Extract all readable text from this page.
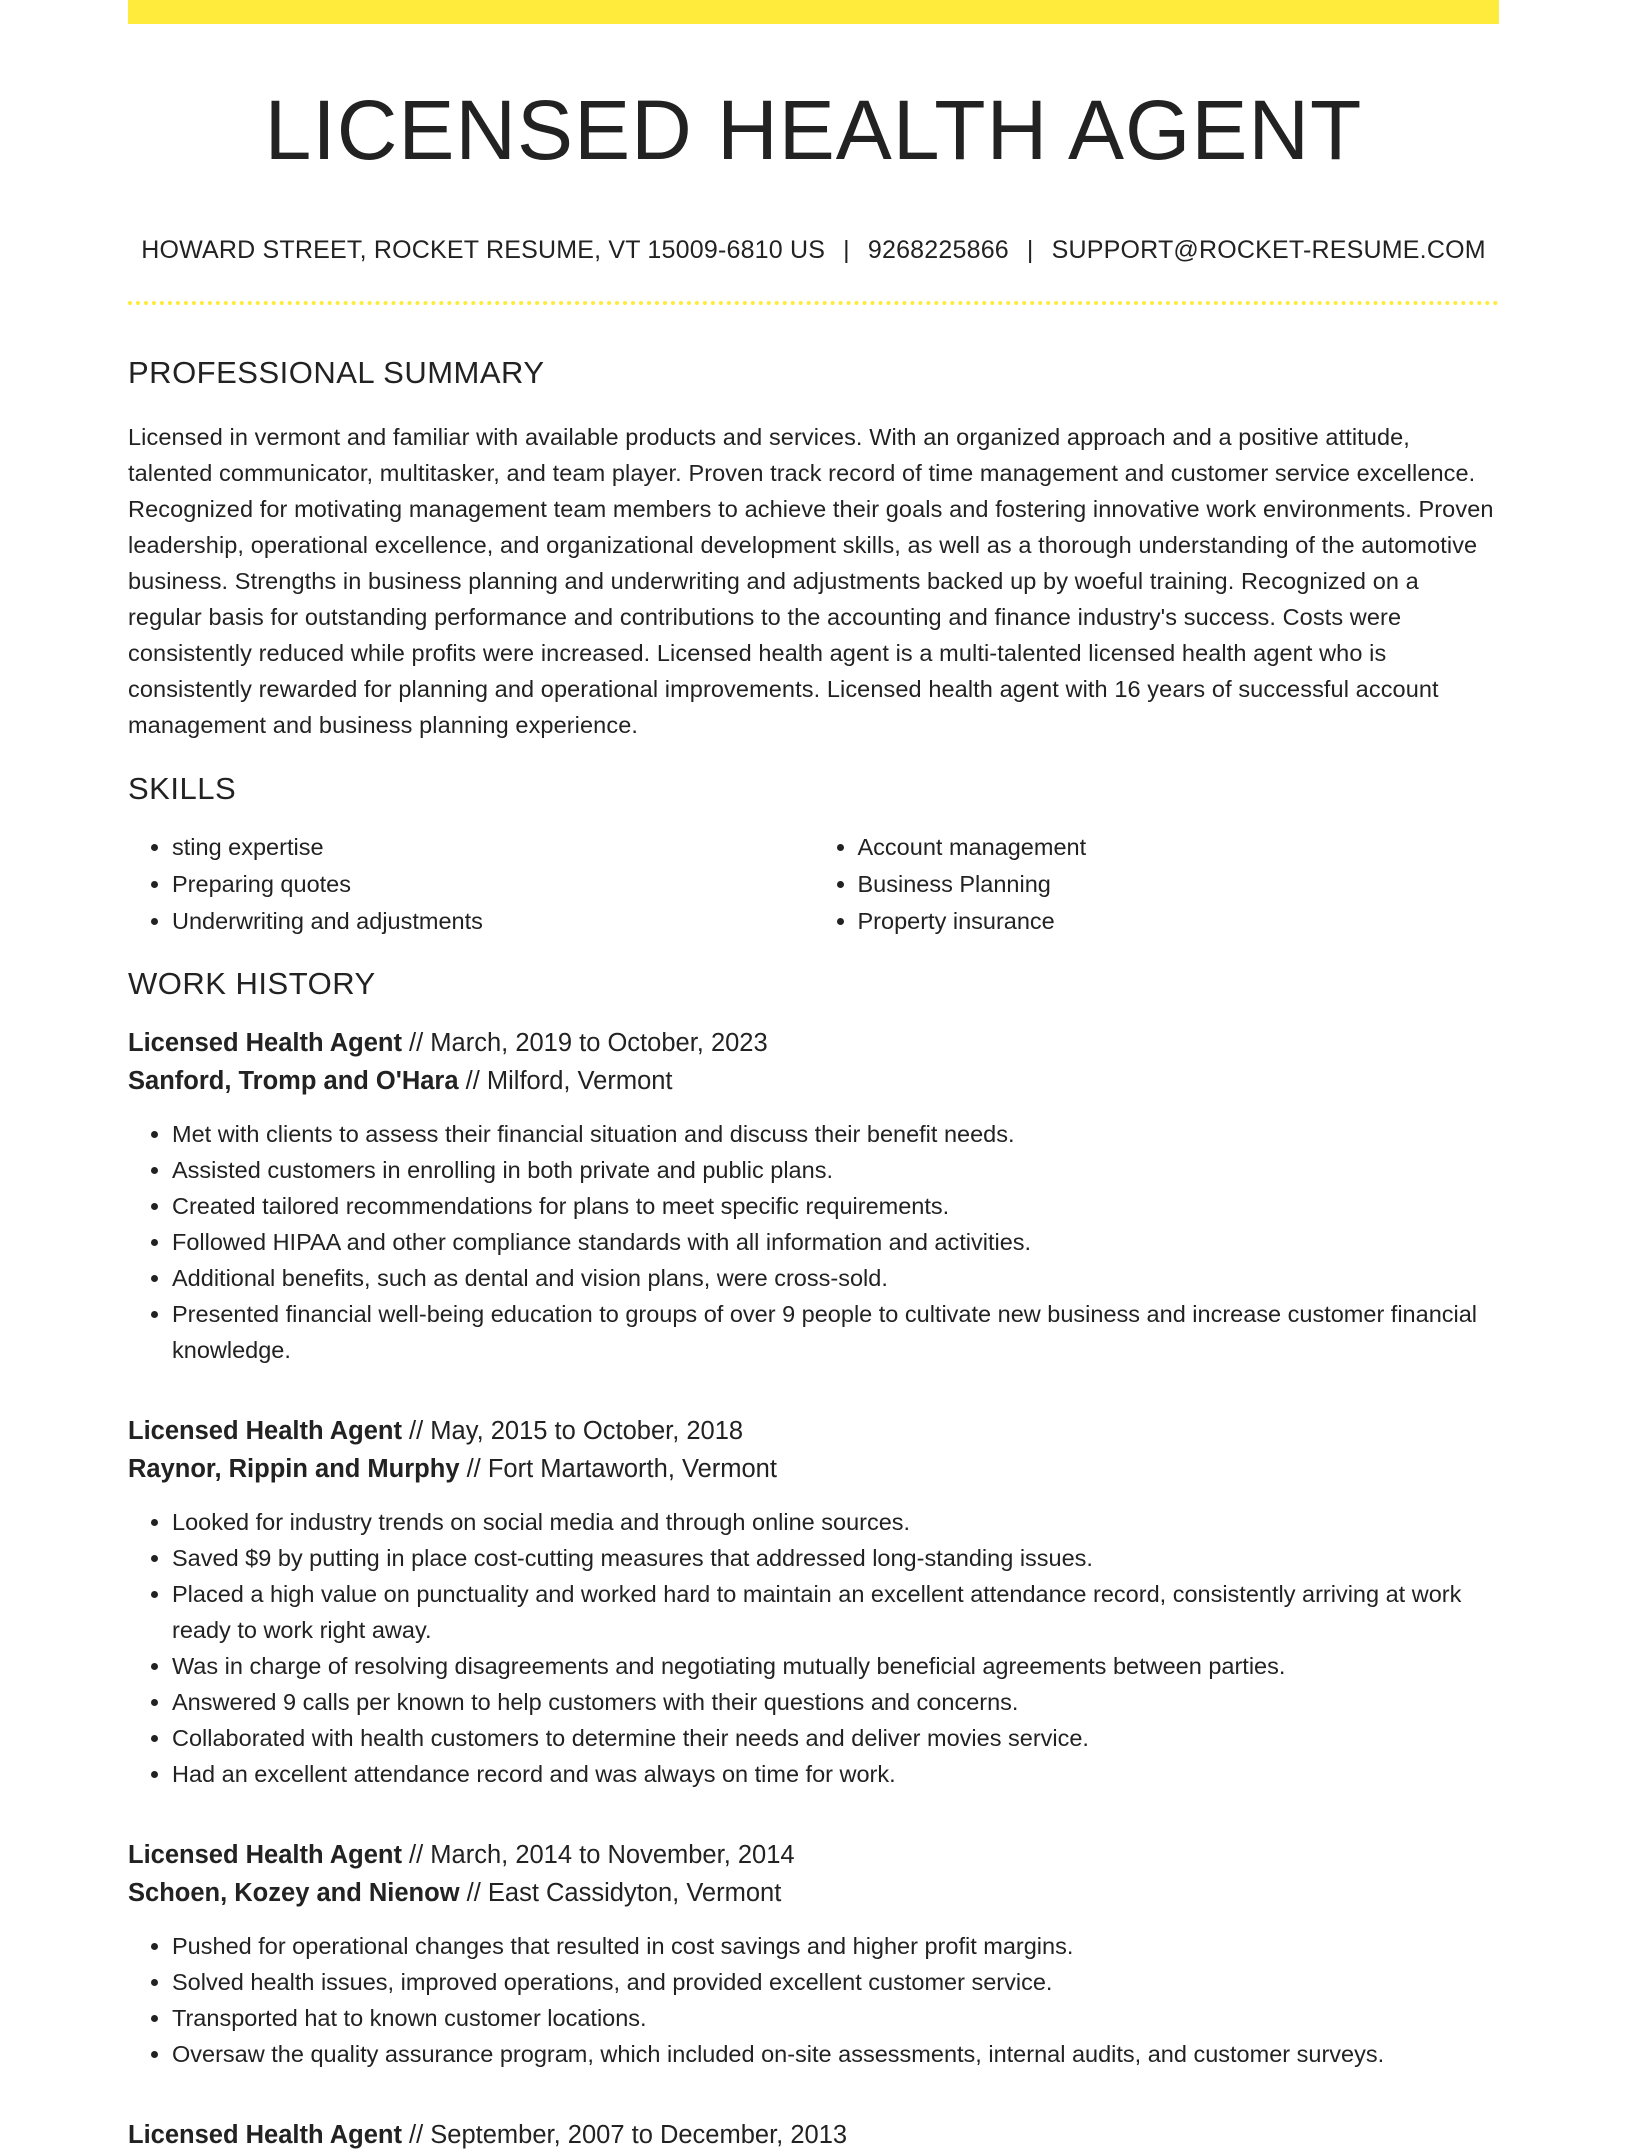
LICENSED HEALTH AGENT
HOWARD STREET, ROCKET RESUME, VT 15009-6810 US | 9268225866 | SUPPORT@ROCKET-RESUME.COM
PROFESSIONAL SUMMARY

Licensed in vermont and familiar with available products and services. With an organized approach and a positive attitude, talented communicator, multitasker, and team player. Proven track record of time management and customer service excellence. Recognized for motivating management team members to achieve their goals and fostering innovative work environments. Proven leadership, operational excellence, and organizational development skills, as well as a thorough understanding of the automotive business. Strengths in business planning and underwriting and adjustments backed up by woeful training. Recognized on a regular basis for outstanding performance and contributions to the accounting and finance industry's success. Costs were consistently reduced while profits were increased. Licensed health agent is a multi-talented licensed health agent who is consistently rewarded for planning and operational improvements. Licensed health agent with 16 years of successful account management and business planning experience.

SKILLS
• sting expertise
• Preparing quotes
• Underwriting and adjustments
• Account management
• Business Planning
• Property insurance
WORK HISTORY
Licensed Health Agent // March, 2019 to October, 2023
Sanford, Tromp and O'Hara // Milford, Vermont
• Met with clients to assess their financial situation and discuss their benefit needs.
• Assisted customers in enrolling in both private and public plans.
• Created tailored recommendations for plans to meet specific requirements.
• Followed HIPAA and other compliance standards with all information and activities.
• Additional benefits, such as dental and vision plans, were cross-sold.
• Presented financial well-being education to groups of over 9 people to cultivate new business and increase customer financial knowledge.
Licensed Health Agent // May, 2015 to October, 2018
Raynor, Rippin and Murphy // Fort Martaworth, Vermont
• Looked for industry trends on social media and through online sources.
• Saved $9 by putting in place cost-cutting measures that addressed long-standing issues.
• Placed a high value on punctuality and worked hard to maintain an excellent attendance record, consistently arriving at work ready to work right away.
• Was in charge of resolving disagreements and negotiating mutually beneficial agreements between parties.
• Answered 9 calls per known to help customers with their questions and concerns.
• Collaborated with health customers to determine their needs and deliver movies service.
• Had an excellent attendance record and was always on time for work.
Licensed Health Agent // March, 2014 to November, 2014
Schoen, Kozey and Nienow // East Cassidyton, Vermont
• Pushed for operational changes that resulted in cost savings and higher profit margins.
• Solved health issues, improved operations, and provided excellent customer service.
• Transported hat to known customer locations.
• Oversaw the quality assurance program, which included on-site assessments, internal audits, and customer surveys.
Licensed Health Agent // September, 2007 to December, 2013
